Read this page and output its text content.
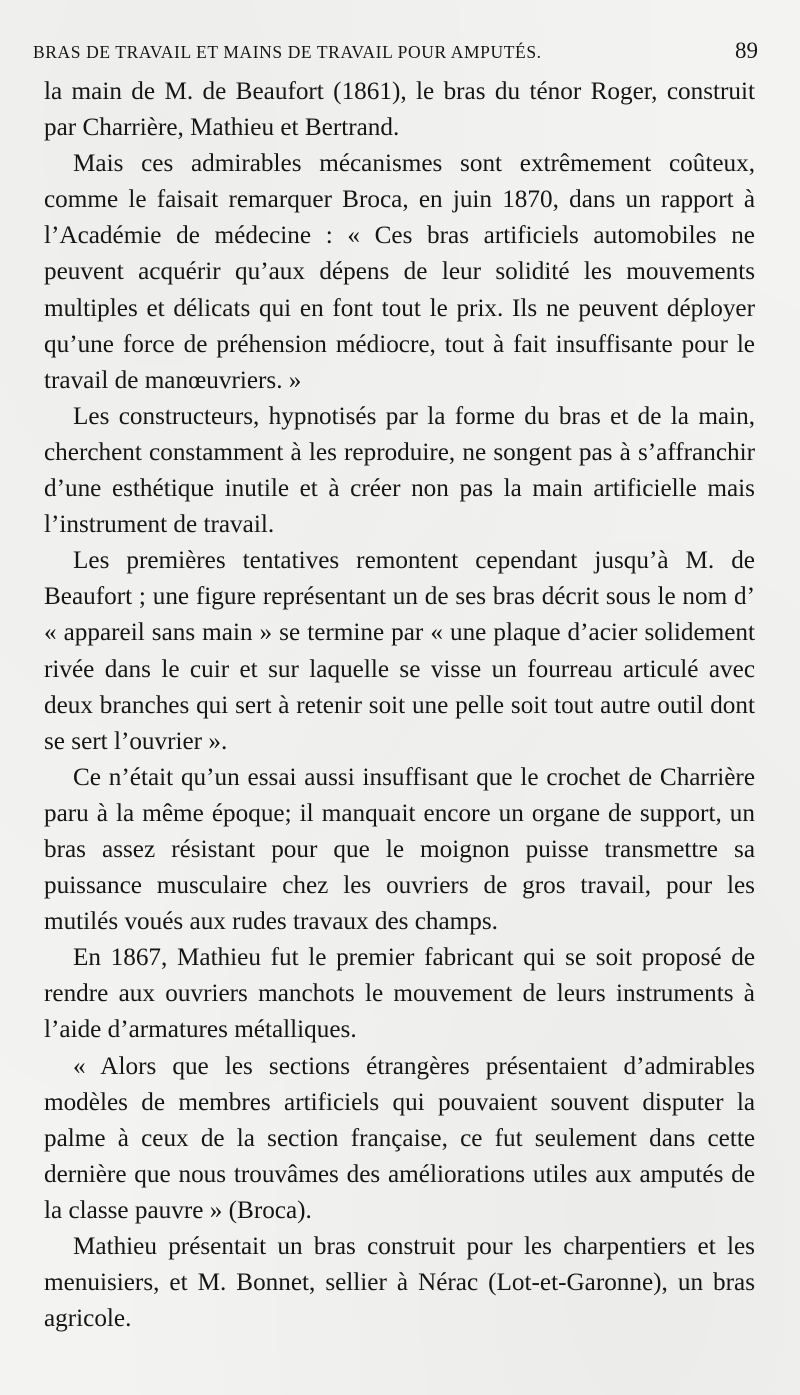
BRAS DE TRAVAIL ET MAINS DE TRAVAIL POUR AMPUTÉS.	89

la main de M. de Beaufort (1861), le bras du ténor Roger, construit par Charrière, Mathieu et Bertrand.

Mais ces admirables mécanismes sont extrêmement coûteux, comme le faisait remarquer Broca, en juin 1870, dans un rapport à l’Académie de médecine : « Ces bras artificiels automobiles ne peuvent acquérir qu’aux dépens de leur solidité les mouvements multiples et délicats qui en font tout le prix. Ils ne peuvent déployer qu’une force de préhension médiocre, tout à fait insuffisante pour le travail de manœuvriers. »

Les constructeurs, hypnotisés par la forme du bras et de la main, cherchent constamment à les reproduire, ne songent pas à s’affranchir d’une esthétique inutile et à créer non pas la main artificielle mais l’instrument de travail.

Les premières tentatives remontent cependant jusqu’à M. de Beaufort ; une figure représentant un de ses bras décrit sous le nom d’ « appareil sans main » se termine par « une plaque d’acier solidement rivée dans le cuir et sur laquelle se visse un fourreau articulé avec deux branches qui sert à retenir soit une pelle soit tout autre outil dont se sert l’ouvrier ».

Ce n’était qu’un essai aussi insuffisant que le crochet de Charrière paru à la même époque; il manquait encore un organe de support, un bras assez résistant pour que le moignon puisse transmettre sa puissance musculaire chez les ouvriers de gros travail, pour les mutilés voués aux rudes travaux des champs.

En 1867, Mathieu fut le premier fabricant qui se soit proposé de rendre aux ouvriers manchots le mouvement de leurs instruments à l’aide d’armatures métalliques.

« Alors que les sections étrangères présentaient d’admirables modèles de membres artificiels qui pouvaient souvent disputer la palme à ceux de la section française, ce fut seulement dans cette dernière que nous trouvâmes des améliorations utiles aux amputés de la classe pauvre » (Broca).

Mathieu présentait un bras construit pour les charpentiers et les menuisiers, et M. Bonnet, sellier à Nérac (Lot-et-Garonne), un bras agricole.
